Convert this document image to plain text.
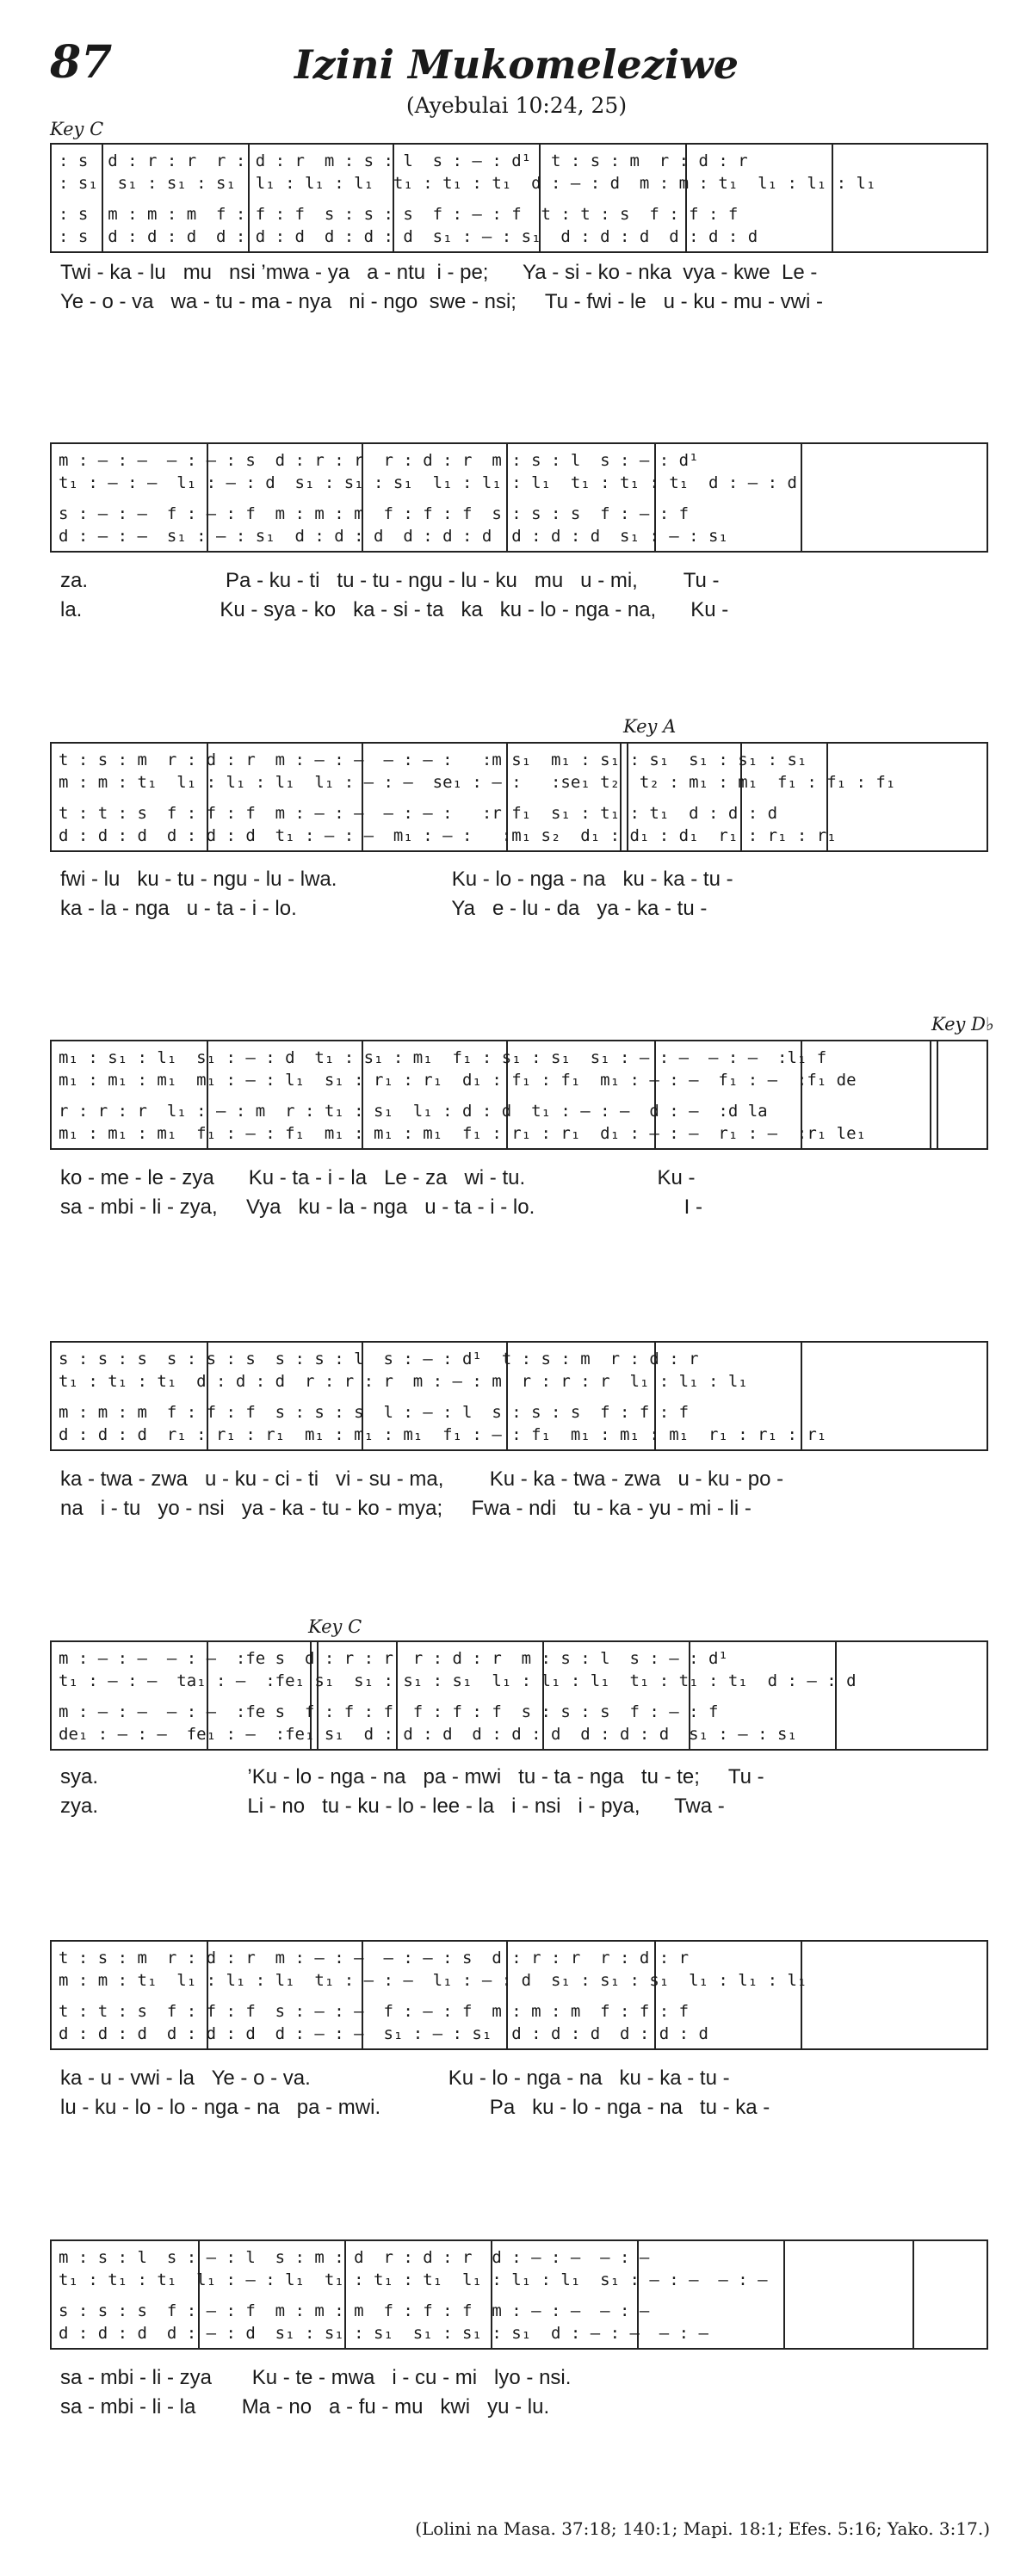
87	Izini Mukomeleziwe
(Ayebulai 10:24, 25)
Key C
Key A
Key D♭
Key C
: s  d : r : r  r : d : r  m : s : l  s : — : d¹  t : s : m  r : d : r
: s₁  s₁ : s₁ : s₁  l₁ : l₁ : l₁  t₁ : t₁ : t₁  d : — : d  m : m : t₁  l₁ : l₁ : l₁
: s  m : m : m  f : f : f  s : s : s  f : — : f  t : t : s  f : f : f
: s  d : d : d  d : d : d  d : d : d  s₁ : — : s₁  d : d : d  d : d : d
Twi - ka - lu   mu   nsi ’mwa - ya   a - ntu  i - pe;      Ya - si - ko - nka  vya - kwe  Le -
Ye - o - va   wa - tu - ma - nya   ni - ngo  swe - nsi;     Tu - fwi - le   u - ku - mu - vwi -
m : — : —  — : — : s  d : r : r  r : d : r  m : s : l  s : — : d¹
t₁ : — : —  l₁ : — : d  s₁ : s₁ : s₁  l₁ : l₁ : l₁  t₁ : t₁ : t₁  d : — : d
s : — : —  f : — : f  m : m : m  f : f : f  s : s : s  f : — : f
d : — : —  s₁ : — : s₁  d : d : d  d : d : d  d : d : d  s₁ : — : s₁
za.                        Pa - ku - ti   tu - tu - ngu - lu - ku   mu   u - mi,        Tu -
la.                        Ku - sya - ko   ka - si - ta   ka   ku - lo - nga - na,      Ku -
t : s : m  r : d : r  m : — : —  — : — :   :m s₁  m₁ : s₁ : s₁  s₁ : s₁ : s₁
m : m : t₁  l₁ : l₁ : l₁  l₁ : — : —  se₁ : — :   :se₁ t₂  t₂ : m₁ : m₁  f₁ : f₁ : f₁
t : t : s  f : f : f  m : — : —  — : — :   :r f₁  s₁ : t₁ : t₁  d : d : d
d : d : d  d : d : d  t₁ : — : —  m₁ : — :   :m₁ s₂  d₁ : d₁ : d₁  r₁ : r₁ : r₁
fwi - lu   ku - tu - ngu - lu - lwa.                    Ku - lo - nga - na   ku - ka - tu -
ka - la - nga   u - ta - i - lo.                           Ya   e - lu - da   ya - ka - tu -
m₁ : s₁ : l₁  s₁ : — : d  t₁ : s₁ : m₁  f₁ : s₁ : s₁  s₁ : — : —  — : —  :l₁ f
m₁ : m₁ : m₁  m₁ : — : l₁  s₁ : r₁ : r₁  d₁ : f₁ : f₁  m₁ : — : —  f₁ : —  :f₁ de
r : r : r  l₁ : — : m  r : t₁ : s₁  l₁ : d : d  t₁ : — : —  d : —  :d la
m₁ : m₁ : m₁  f₁ : — : f₁  m₁ : m₁ : m₁  f₁ : r₁ : r₁  d₁ : — : —  r₁ : —  :r₁ le₁
ko - me - le - zya      Ku - ta - i - la   Le - za   wi - tu.                       Ku -
sa - mbi - li - zya,     Vya   ku - la - nga   u - ta - i - lo.                          I -
s : s : s  s : s : s  s : s : l  s : — : d¹  t : s : m  r : d : r
t₁ : t₁ : t₁  d : d : d  r : r : r  m : — : m  r : r : r  l₁ : l₁ : l₁
m : m : m  f : f : f  s : s : s  l : — : l  s : s : s  f : f : f
d : d : d  r₁ : r₁ : r₁  m₁ : m₁ : m₁  f₁ : — : f₁  m₁ : m₁ : m₁  r₁ : r₁ : r₁
ka - twa - zwa   u - ku - ci - ti   vi - su - ma,        Ku - ka - twa - zwa   u - ku - po -
na   i - tu   yo - nsi   ya - ka - tu - ko - mya;     Fwa - ndi   tu - ka - yu - mi - li -
m : — : —  — : —  :fe s  d : r : r  r : d : r  m : s : l  s : — : d¹
t₁ : — : —  ta₁ : —  :fe₁ s₁  s₁ : s₁ : s₁  l₁ : l₁ : l₁  t₁ : t₁ : t₁  d : — : d
m : — : —  — : —  :fe s  f : f : f  f : f : f  s : s : s  f : — : f
de₁ : — : —  fe₁ : —  :fe₁ s₁  d : d : d  d : d : d  d : d : d  s₁ : — : s₁
sya.                          ’Ku - lo - nga - na   pa - mwi   tu - ta - nga   tu - te;     Tu -
zya.                          Li - no   tu - ku - lo - leе - la   i - nsi   i - pya,      Twa -
t : s : m  r : d : r  m : — : —  — : — : s  d : r : r  r : d : r
m : m : t₁  l₁ : l₁ : l₁  t₁ : — : —  l₁ : — : d  s₁ : s₁ : s₁  l₁ : l₁ : l₁
t : t : s  f : f : f  s : — : —  f : — : f  m : m : m  f : f : f
d : d : d  d : d : d  d : — : —  s₁ : — : s₁  d : d : d  d : d : d
ka - u - vwi - la   Ye - o - va.                        Ku - lo - nga - na   ku - ka - tu -
lu - ku - lo - lo - nga - na   pa - mwi.                   Pa   ku - lo - nga - na   tu - ka -
m : s : l  s : — : l  s : m : d  r : d : r  d : — : —  — : —
t₁ : t₁ : t₁  l₁ : — : l₁  t₁ : t₁ : t₁  l₁ : l₁ : l₁  s₁ : — : —  — : —
s : s : s  f : — : f  m : m : m  f : f : f  m : — : —  — : —
d : d : d  d : — : d  s₁ : s₁ : s₁  s₁ : s₁ : s₁  d : — : —  — : —
sa - mbi - li - zya       Ku - te - mwa   i - cu - mi   lyo - nsi.
sa - mbi - li - la        Ma - no   a - fu - mu   kwi   yu - lu.
(Lolini na Masa. 37:18; 140:1; Mapi. 18:1; Efes. 5:16; Yako. 3:17.)
